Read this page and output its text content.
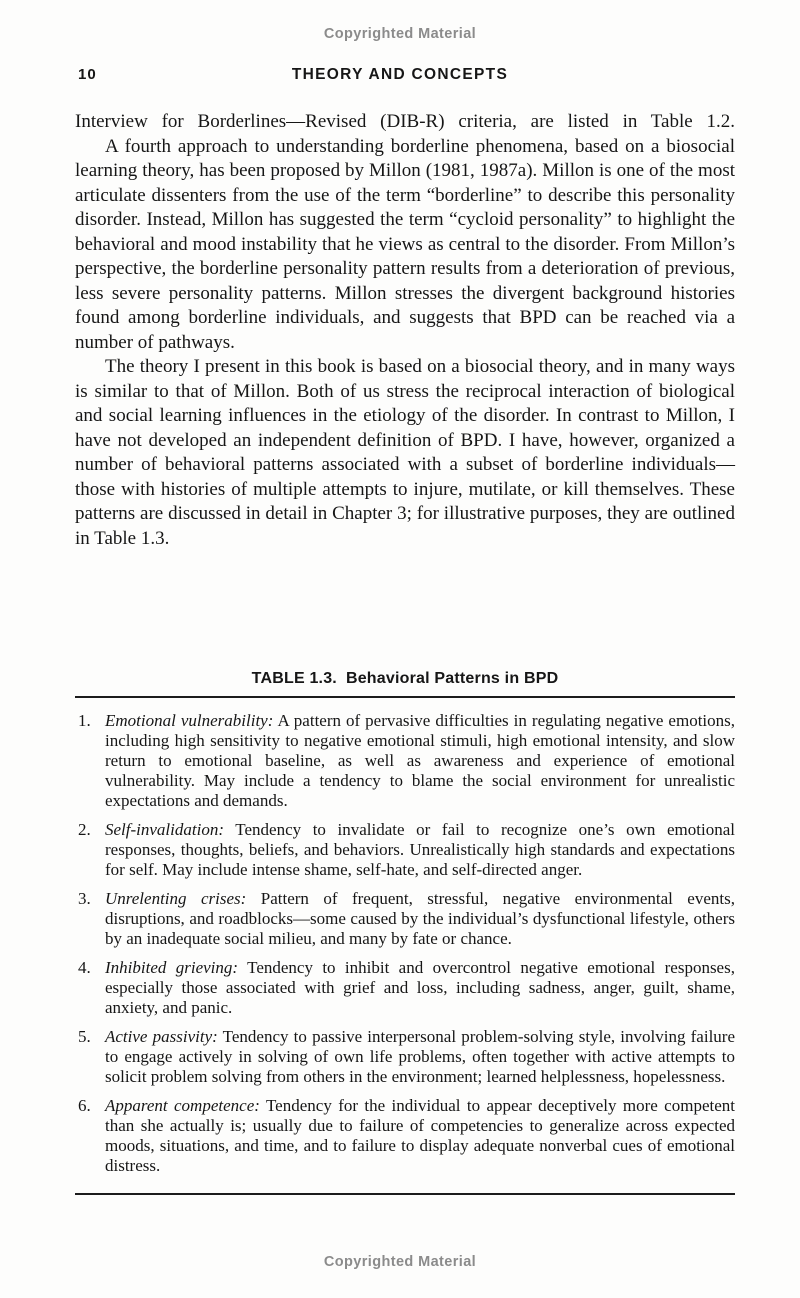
Copyrighted Material
10	THEORY AND CONCEPTS

Interview for Borderlines—Revised (DIB-R) criteria, are listed in Table 1.2.

A fourth approach to understanding borderline phenomena, based on a biosocial learning theory, has been proposed by Millon (1981, 1987a). Millon is one of the most articulate dissenters from the use of the term “borderline” to describe this personality disorder. Instead, Millon has suggested the term “cycloid personality” to highlight the behavioral and mood instability that he views as central to the disorder. From Millon’s perspective, the borderline personality pattern results from a deterioration of previous, less severe personality patterns. Millon stresses the divergent background histories found among borderline individuals, and suggests that BPD can be reached via a number of pathways.

The theory I present in this book is based on a biosocial theory, and in many ways is similar to that of Millon. Both of us stress the reciprocal interaction of biological and social learning influences in the etiology of the disorder. In contrast to Millon, I have not developed an independent definition of BPD. I have, however, organized a number of behavioral patterns associated with a subset of borderline individuals—those with histories of multiple attempts to injure, mutilate, or kill themselves. These patterns are discussed in detail in Chapter 3; for illustrative purposes, they are outlined in Table 1.3.

TABLE 1.3. Behavioral Patterns in BPD
1. Emotional vulnerability: A pattern of pervasive difficulties in regulating negative emotions, including high sensitivity to negative emotional stimuli, high emotional intensity, and slow return to emotional baseline, as well as awareness and experience of emotional vulnerability. May include a tendency to blame the social environment for unrealistic expectations and demands.
2. Self-invalidation: Tendency to invalidate or fail to recognize one’s own emotional responses, thoughts, beliefs, and behaviors. Unrealistically high standards and expectations for self. May include intense shame, self-hate, and self-directed anger.
3. Unrelenting crises: Pattern of frequent, stressful, negative environmental events, disruptions, and roadblocks—some caused by the individual’s dysfunctional lifestyle, others by an inadequate social milieu, and many by fate or chance.
4. Inhibited grieving: Tendency to inhibit and overcontrol negative emotional responses, especially those associated with grief and loss, including sadness, anger, guilt, shame, anxiety, and panic.
5. Active passivity: Tendency to passive interpersonal problem-solving style, involving failure to engage actively in solving of own life problems, often together with active attempts to solicit problem solving from others in the environment; learned helplessness, hopelessness.
6. Apparent competence: Tendency for the individual to appear deceptively more competent than she actually is; usually due to failure of competencies to generalize across expected moods, situations, and time, and to failure to display adequate nonverbal cues of emotional distress.
Copyrighted Material
